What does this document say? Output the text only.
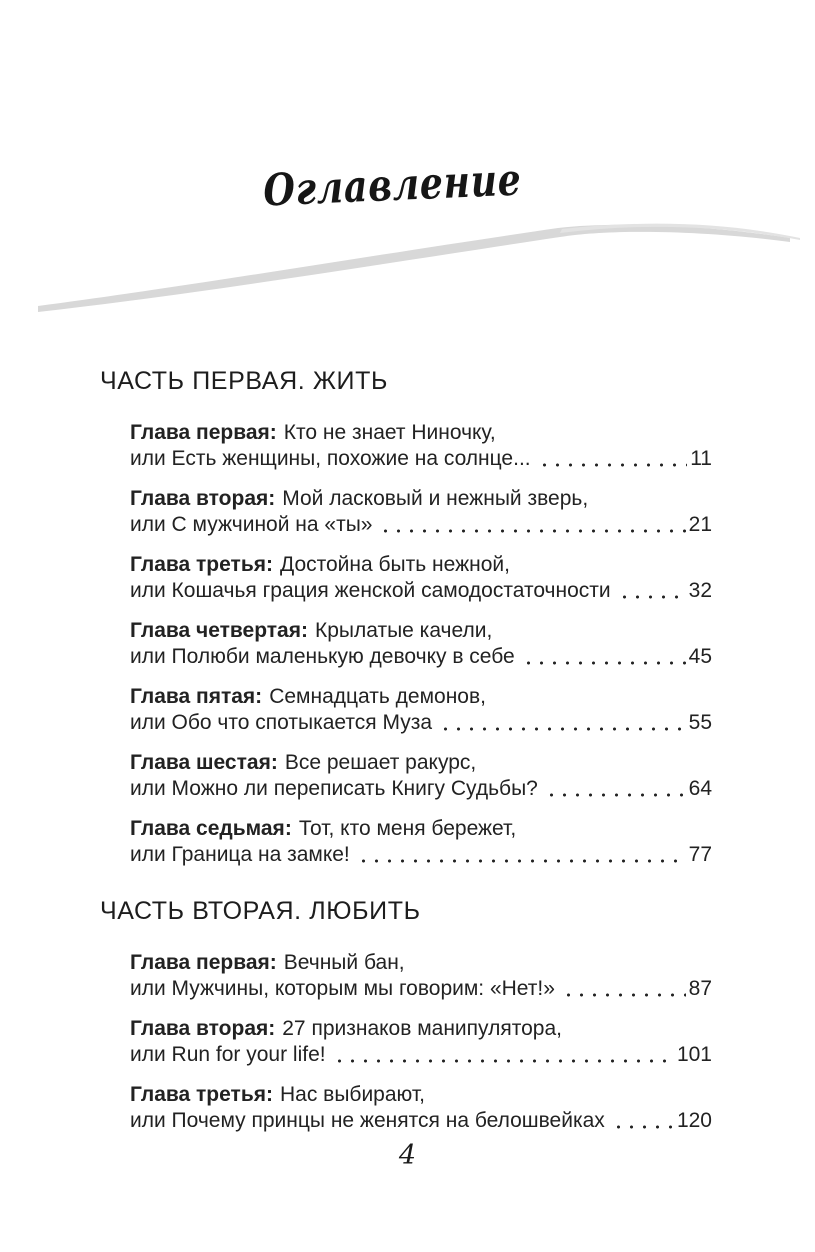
Оглавление
ЧАСТЬ ПЕРВАЯ. ЖИТЬ
Глава первая: Кто не знает Ниночку,
или Есть женщины, похожие на солнце...	11
Глава вторая: Мой ласковый и нежный зверь,
или С мужчиной на «ты»	21
Глава третья: Достойна быть нежной,
или Кошачья грация женской самодостаточности	32
Глава четвертая: Крылатые качели,
или Полюби маленькую девочку в себе	45
Глава пятая: Семнадцать демонов,
или Обо что спотыкается Муза	55
Глава шестая: Все решает ракурс,
или Можно ли переписать Книгу Судьбы?	64
Глава седьмая: Тот, кто меня бережет,
или Граница на замке!	77
ЧАСТЬ ВТОРАЯ. ЛЮБИТЬ
Глава первая: Вечный бан,
или Мужчины, которым мы говорим: «Нет!»	87
Глава вторая: 27 признаков манипулятора,
или Run for your life!	101
Глава третья: Нас выбирают,
или Почему принцы не женятся на белошвейках	120
4
